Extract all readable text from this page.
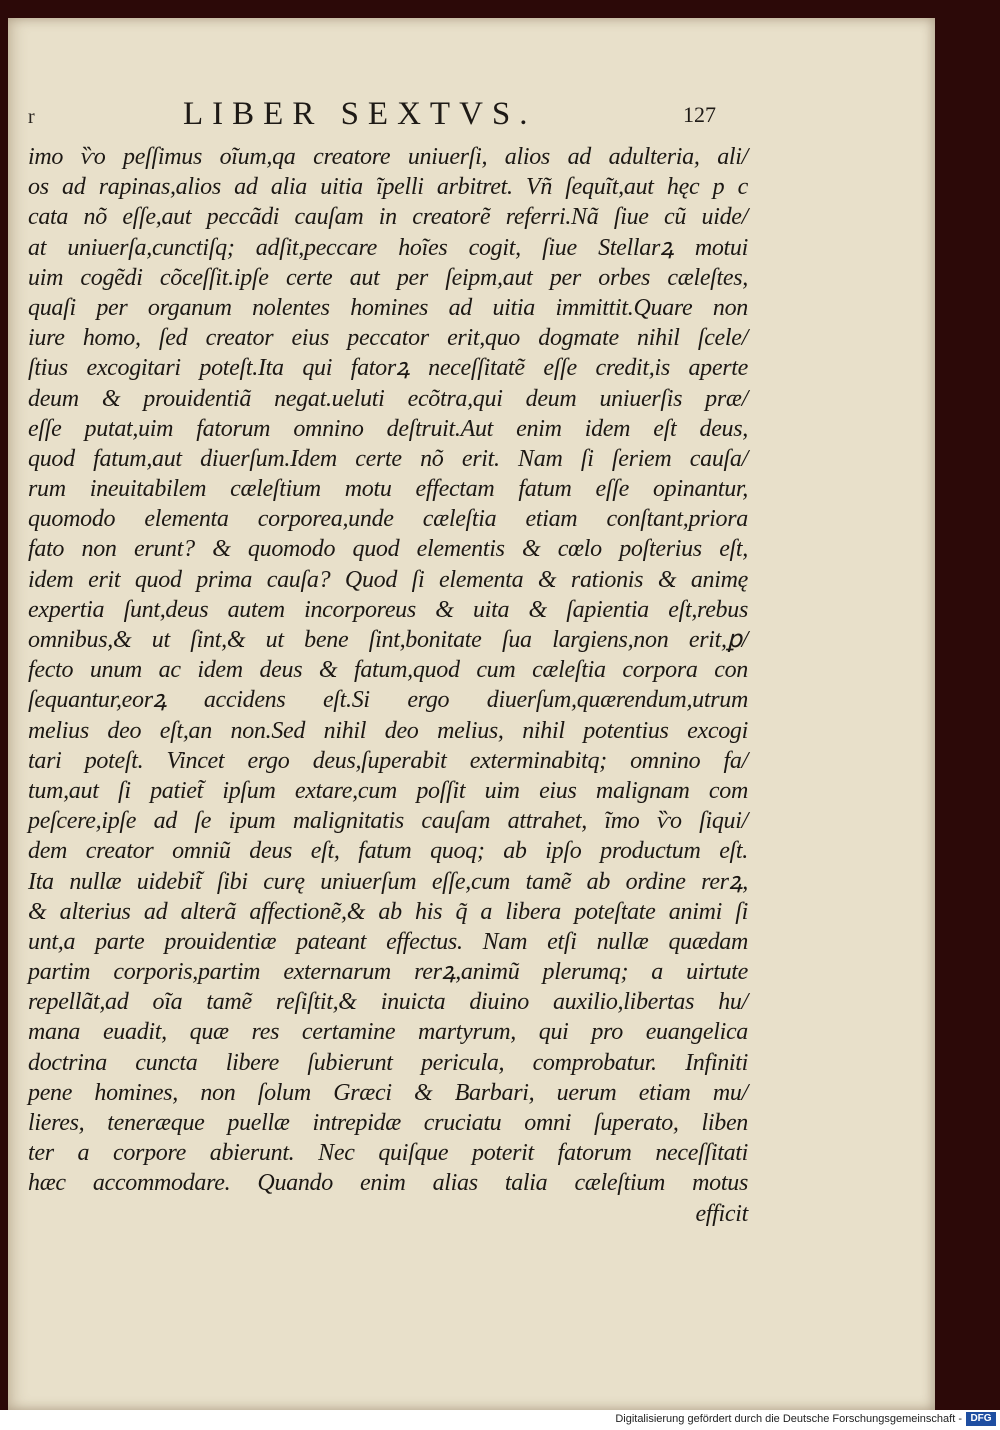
r	LIBER SEXTVS.	127
imo ѷo peſſimus oĩum,qa creatore uniuerſi, alios ad adulteria, ali/
os ad rapinas,alios ad alia uitia ĩpelli arbitret. Vñ ſequĩt,aut hęc p c
cata nõ eſſe,aut peccãdi cauſam in creatorẽ referri.Nã ſiue cũ uide/
at uniuerſa,cunctiſq; adſit,peccare hoĩes cogit, ſiue Stellarꝝ motui
uim cogẽdi cõceſſit.ipſe certe aut per ſeipm,aut per orbes cæleſtes,
quaſi per organum nolentes homines ad uitia immittit.Quare non
iure homo, ſed creator eius peccator erit,quo dogmate nihil ſcele/
ſtius excogitari poteſt.Ita qui fatorꝝ neceſſitatẽ eſſe credit,is aperte
deum & prouidentiã negat.ueluti ecõtra,qui deum uniuerſis præ/
eſſe putat,uim fatorum omnino deſtruit.Aut enim idem eſt deus,
quod fatum,aut diuerſum.Idem certe nõ erit. Nam ſi ſeriem cauſa/
rum ineuitabilem cæleſtium motu effectam fatum eſſe opinantur,
quomodo elementa corporea,unde cæleſtia etiam conſtant,priora
fato non erunt? & quomodo quod elementis & cœlo poſterius eſt,
idem erit quod prima cauſa? Quod ſi elementa & rationis & animę
expertia ſunt,deus autem incorporeus & uita & ſapientia eſt,rebus
omnibus,& ut ſint,& ut bene ſint,bonitate ſua largiens,non erit,ꝑ/
fecto unum ac idem deus & fatum,quod cum cæleſtia corpora con
ſequantur,eorꝝ accidens eſt.Si ergo diuerſum,quærendum,utrum
melius deo eſt,an non.Sed nihil deo melius, nihil potentius excogi
tari poteſt. Vincet ergo deus,ſuperabit exterminabitq; omnino fa/
tum,aut ſi patiet̃ ipſum extare,cum poſſit uim eius malignam com
peſcere,ipſe ad ſe ipum malignitatis cauſam attrahet, ĩmo ѷo ſiqui/
dem creator omniũ deus eſt, fatum quoq; ab ipſo productum eſt.
Ita nullæ uidebit̃ ſibi curę uniuerſum eſſe,cum tamẽ ab ordine rerꝝ,
& alterius ad alterã affectionẽ,& ab his q̃ a libera poteſtate animi ſi
unt,a parte prouidentiæ pateant effectus. Nam etſi nullæ quædam
partim corporis,partim externarum rerꝝ,animũ plerumq; a uirtute
repellãt,ad oĩa tamẽ reſiſtit,& inuicta diuino auxilio,libertas hu/
mana euadit, quæ res certamine martyrum, qui pro euangelica
doctrina cuncta libere ſubierunt pericula, comprobatur. Infiniti
pene homines, non ſolum Græci & Barbari, uerum etiam mu/
lieres, teneræque puellæ intrepidæ cruciatu omni ſuperato, liben
ter a corpore abierunt. Nec quiſque poterit fatorum neceſſitati
hæc accommodare. Quando enim alias talia cæleſtium motus
efficit
Digitalisierung gefördert durch die Deutsche Forschungsgemeinschaft - DFG
